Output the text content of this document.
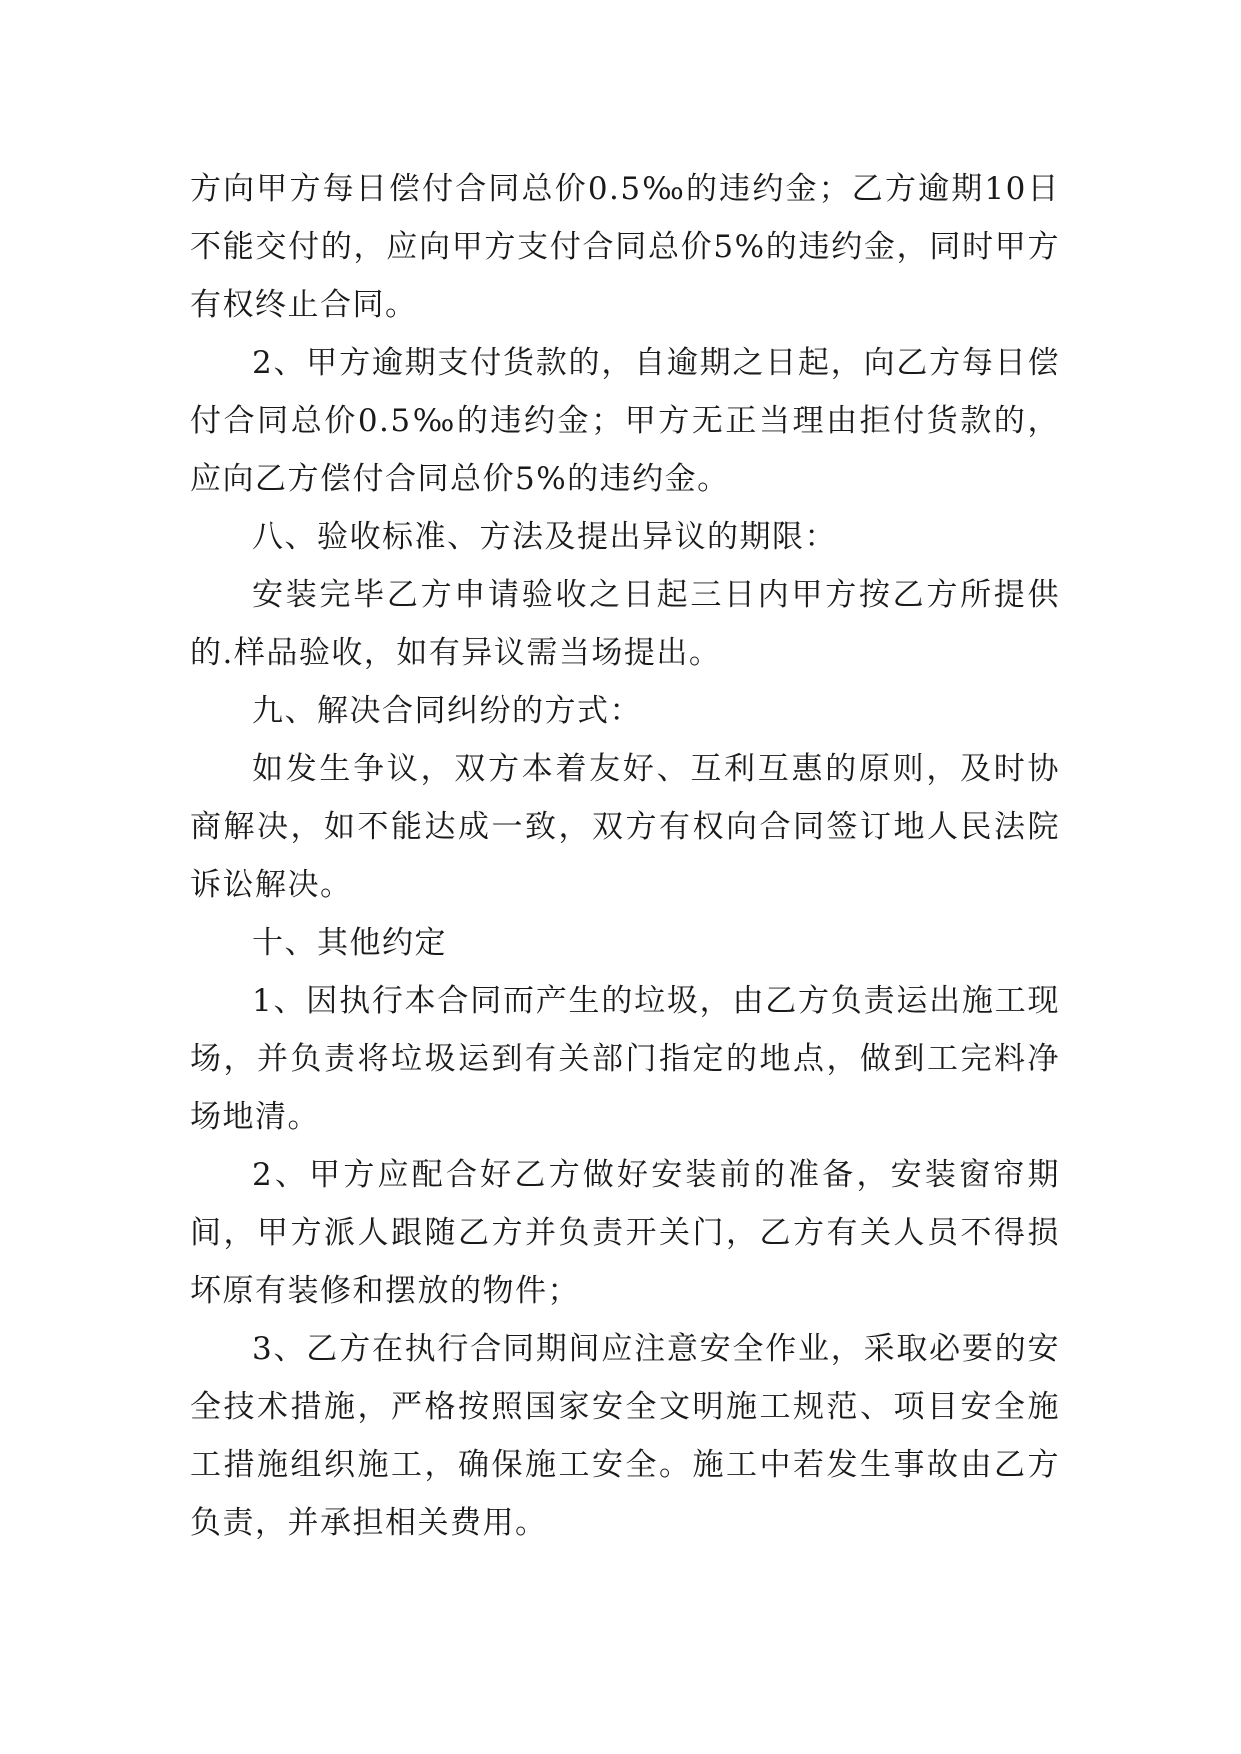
方向甲方每日偿付合同总价0.5‰的违约金；乙方逾期10日不能交付的，应向甲方支付合同总价5%的违约金，同时甲方有权终止合同。

2、甲方逾期支付货款的，自逾期之日起，向乙方每日偿付合同总价0.5‰的违约金；甲方无正当理由拒付货款的，应向乙方偿付合同总价5%的违约金。

八、验收标准、方法及提出异议的期限：

安装完毕乙方申请验收之日起三日内甲方按乙方所提供的.样品验收，如有异议需当场提出。

九、解决合同纠纷的方式：

如发生争议，双方本着友好、互利互惠的原则，及时协商解决，如不能达成一致，双方有权向合同签订地人民法院诉讼解决。

十、其他约定

1、因执行本合同而产生的垃圾，由乙方负责运出施工现场，并负责将垃圾运到有关部门指定的地点，做到工完料净场地清。

2、甲方应配合好乙方做好安装前的准备，安装窗帘期间，甲方派人跟随乙方并负责开关门，乙方有关人员不得损坏原有装修和摆放的物件；

3、乙方在执行合同期间应注意安全作业，采取必要的安全技术措施，严格按照国家安全文明施工规范、项目安全施工措施组织施工，确保施工安全。施工中若发生事故由乙方负责，并承担相关费用。
